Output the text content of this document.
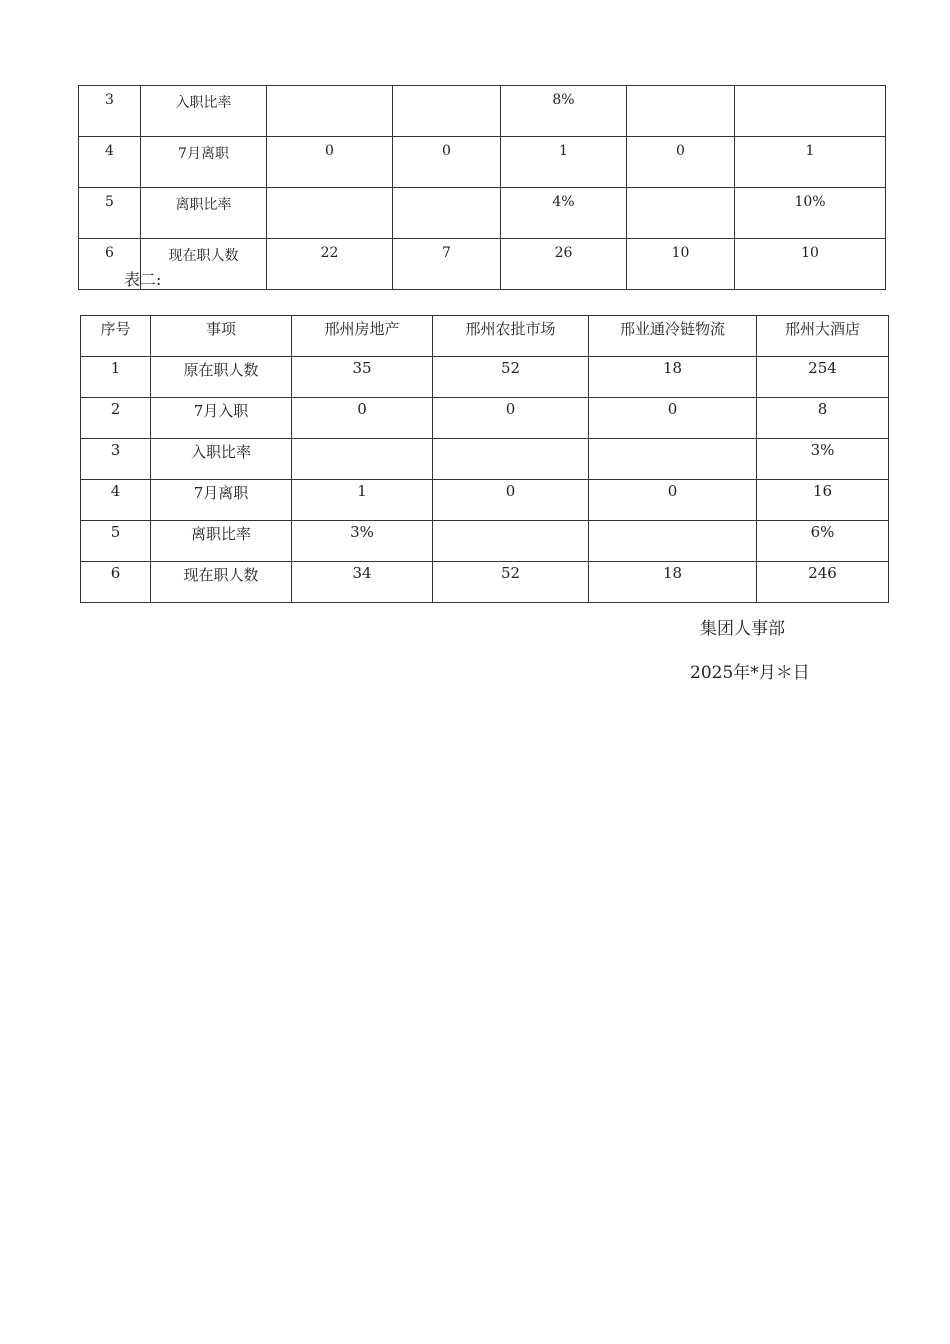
3	入职比率			8%		
4	7月离职	0	0	1	0	1
5	离职比率			4%		10%
6	现在职人数	22	7	26	10	10
表二:
序号	事项	邢州房地产	邢州农批市场	邢业通冷链物流	邢州大酒店
1	原在职人数	35	52	18	254
2	7月入职	0	0	0	8
3	入职比率				3%
4	7月离职	1	0	0	16
5	离职比率	3%			6%
6	现在职人数	34	52	18	246
集团人事部
2025年*月＊日
